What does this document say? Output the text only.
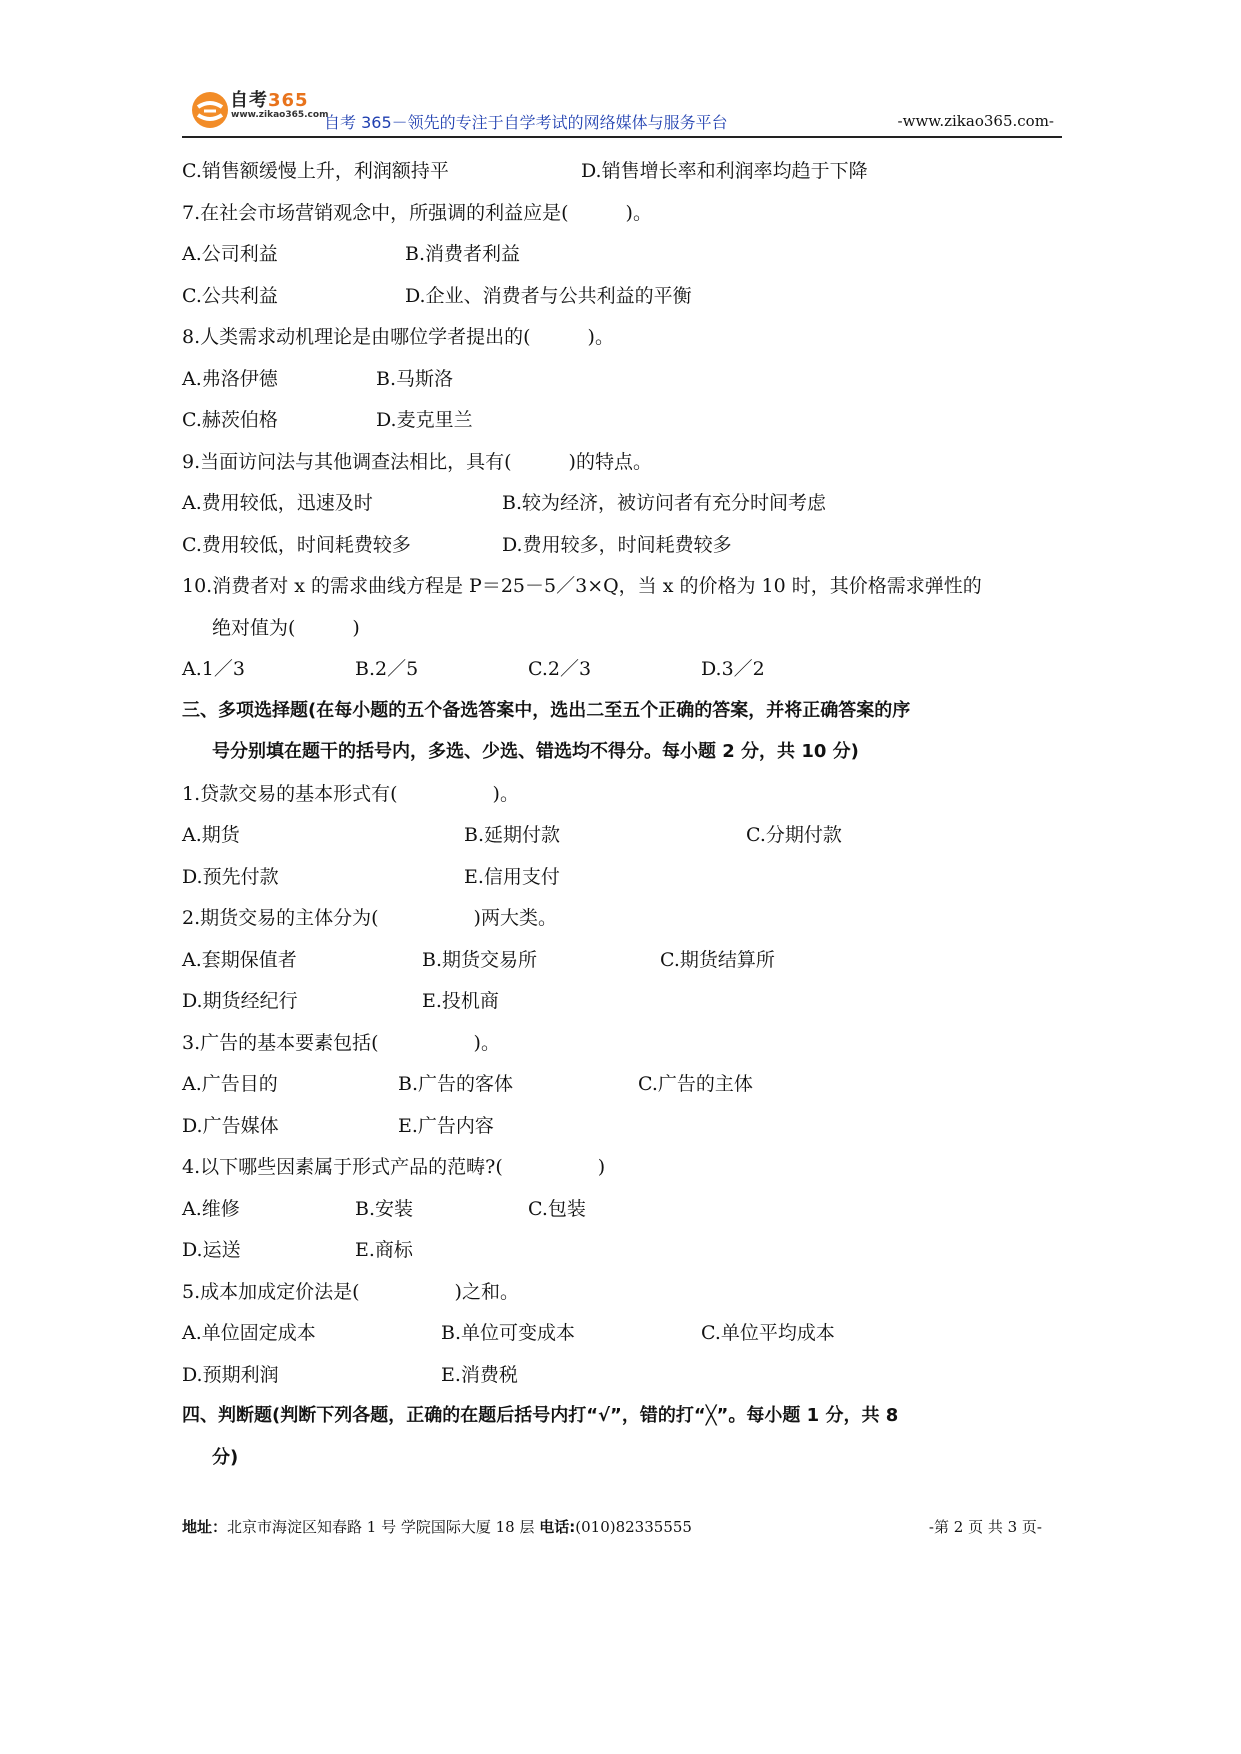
自考365
www.zikao365.com
自考 365－领先的专注于自学考试的网络媒体与服务平台	-www.zikao365.com-
C.销售额缓慢上升，利润额持平	D.销售增长率和利润率均趋于下降
7.在社会市场营销观念中，所强调的利益应是(　　　)。
A.公司利益	B.消费者利益
C.公共利益	D.企业、消费者与公共利益的平衡
8.人类需求动机理论是由哪位学者提出的(　　　)。
A.弗洛伊德	B.马斯洛
C.赫茨伯格	D.麦克里兰
9.当面访问法与其他调查法相比，具有(　　　)的特点。
A.费用较低，迅速及时	B.较为经济，被访问者有充分时间考虑
C.费用较低，时间耗费较多	D.费用较多，时间耗费较多
10.消费者对 x 的需求曲线方程是 P＝25－5／3×Q，当 x 的价格为 10 时，其价格需求弹性的
绝对值为(　　　)
A.1／3	B.2／5	C.2／3	D.3／2
三、多项选择题(在每小题的五个备选答案中，选出二至五个正确的答案，并将正确答案的序
号分别填在题干的括号内，多选、少选、错选均不得分。每小题 2 分，共 10 分)
1.贷款交易的基本形式有(　　　　　)。
A.期货	B.延期付款	C.分期付款
D.预先付款	E.信用支付
2.期货交易的主体分为(　　　　　)两大类。
A.套期保值者	B.期货交易所	C.期货结算所
D.期货经纪行	E.投机商
3.广告的基本要素包括(　　　　　)。
A.广告目的	B.广告的客体	C.广告的主体
D.广告媒体	E.广告内容
4.以下哪些因素属于形式产品的范畴?(　　　　　)
A.维修	B.安装	C.包装
D.运送	E.商标
5.成本加成定价法是(　　　　　)之和。
A.单位固定成本	B.单位可变成本	C.单位平均成本
D.预期利润	E.消费税
四、判断题(判断下列各题，正确的在题后括号内打“√”，错的打“╳”。每小题 1 分，共 8
分)
地址：北京市海淀区知春路 1 号 学院国际大厦 18 层 电话:(010)82335555	-第 2 页 共 3 页-
